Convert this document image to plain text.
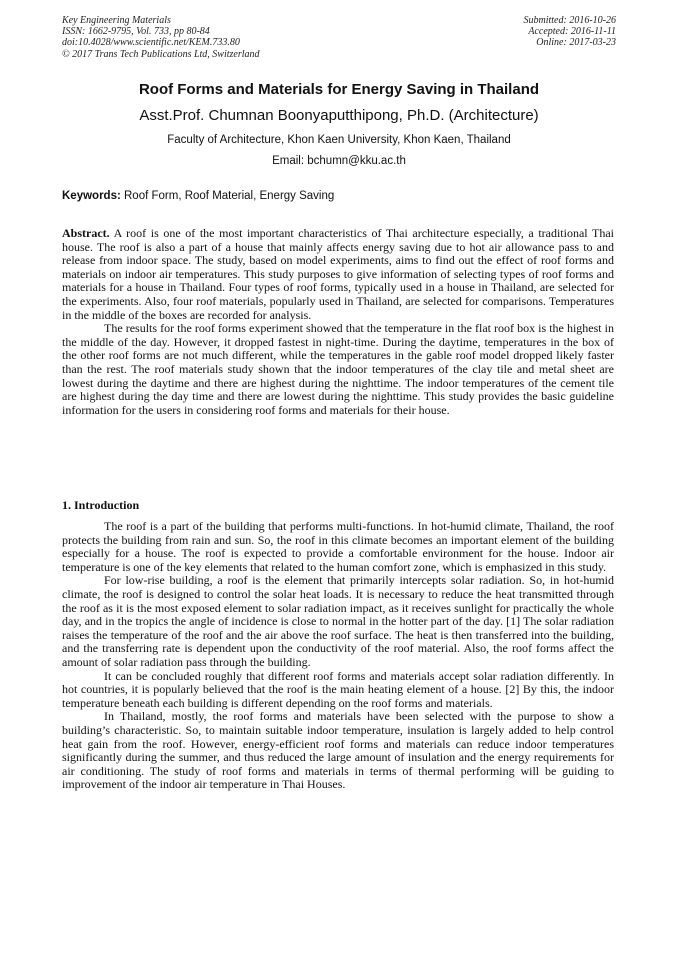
Key Engineering Materials
ISSN: 1662-9795, Vol. 733, pp 80-84
doi:10.4028/www.scientific.net/KEM.733.80
© 2017 Trans Tech Publications Ltd, Switzerland
Submitted: 2016-10-26
Accepted: 2016-11-11
Online: 2017-03-23
Roof Forms and Materials for Energy Saving in Thailand
Asst.Prof. Chumnan Boonyaputthipong, Ph.D. (Architecture)
Faculty of Architecture, Khon Kaen University, Khon Kaen, Thailand
Email: bchumn@kku.ac.th
Keywords: Roof Form, Roof Material, Energy Saving

Abstract. A roof is one of the most important characteristics of Thai architecture especially, a traditional Thai house. The roof is also a part of a house that mainly affects energy saving due to hot air allowance pass to and release from indoor space. The study, based on model experiments, aims to find out the effect of roof forms and materials on indoor air temperatures. This study purposes to give information of selecting types of roof forms and materials for a house in Thailand. Four types of roof forms, typically used in a house in Thailand, are selected for the experiments. Also, four roof materials, popularly used in Thailand, are selected for comparisons. Temperatures in the middle of the boxes are recorded for analysis.

The results for the roof forms experiment showed that the temperature in the flat roof box is the highest in the middle of the day. However, it dropped fastest in night-time. During the daytime, temperatures in the box of the other roof forms are not much different, while the temperatures in the gable roof model dropped likely faster than the rest. The roof materials study shown that the indoor temperatures of the clay tile and metal sheet are lowest during the daytime and there are highest during the nighttime. The indoor temperatures of the cement tile are highest during the day time and there are lowest during the nighttime. This study provides the basic guideline information for the users in considering roof forms and materials for their house.

1. Introduction

The roof is a part of the building that performs multi-functions. In hot-humid climate, Thailand, the roof protects the building from rain and sun. So, the roof in this climate becomes an important element of the building especially for a house. The roof is expected to provide a comfortable environment for the house. Indoor air temperature is one of the key elements that related to the human comfort zone, which is emphasized in this study.

For low-rise building, a roof is the element that primarily intercepts solar radiation. So, in hot-humid climate, the roof is designed to control the solar heat loads. It is necessary to reduce the heat transmitted through the roof as it is the most exposed element to solar radiation impact, as it receives sunlight for practically the whole day, and in the tropics the angle of incidence is close to normal in the hotter part of the day. [1] The solar radiation raises the temperature of the roof and the air above the roof surface. The heat is then transferred into the building, and the transferring rate is dependent upon the conductivity of the roof material. Also, the roof forms affect the amount of solar radiation pass through the building.

It can be concluded roughly that different roof forms and materials accept solar radiation differently. In hot countries, it is popularly believed that the roof is the main heating element of a house. [2] By this, the indoor temperature beneath each building is different depending on the roof forms and materials.

In Thailand, mostly, the roof forms and materials have been selected with the purpose to show a building’s characteristic. So, to maintain suitable indoor temperature, insulation is largely added to help control heat gain from the roof. However, energy-efficient roof forms and materials can reduce indoor temperatures significantly during the summer, and thus reduced the large amount of insulation and the energy requirements for air conditioning. The study of roof forms and materials in terms of thermal performing will be guiding to improvement of the indoor air temperature in Thai Houses.
